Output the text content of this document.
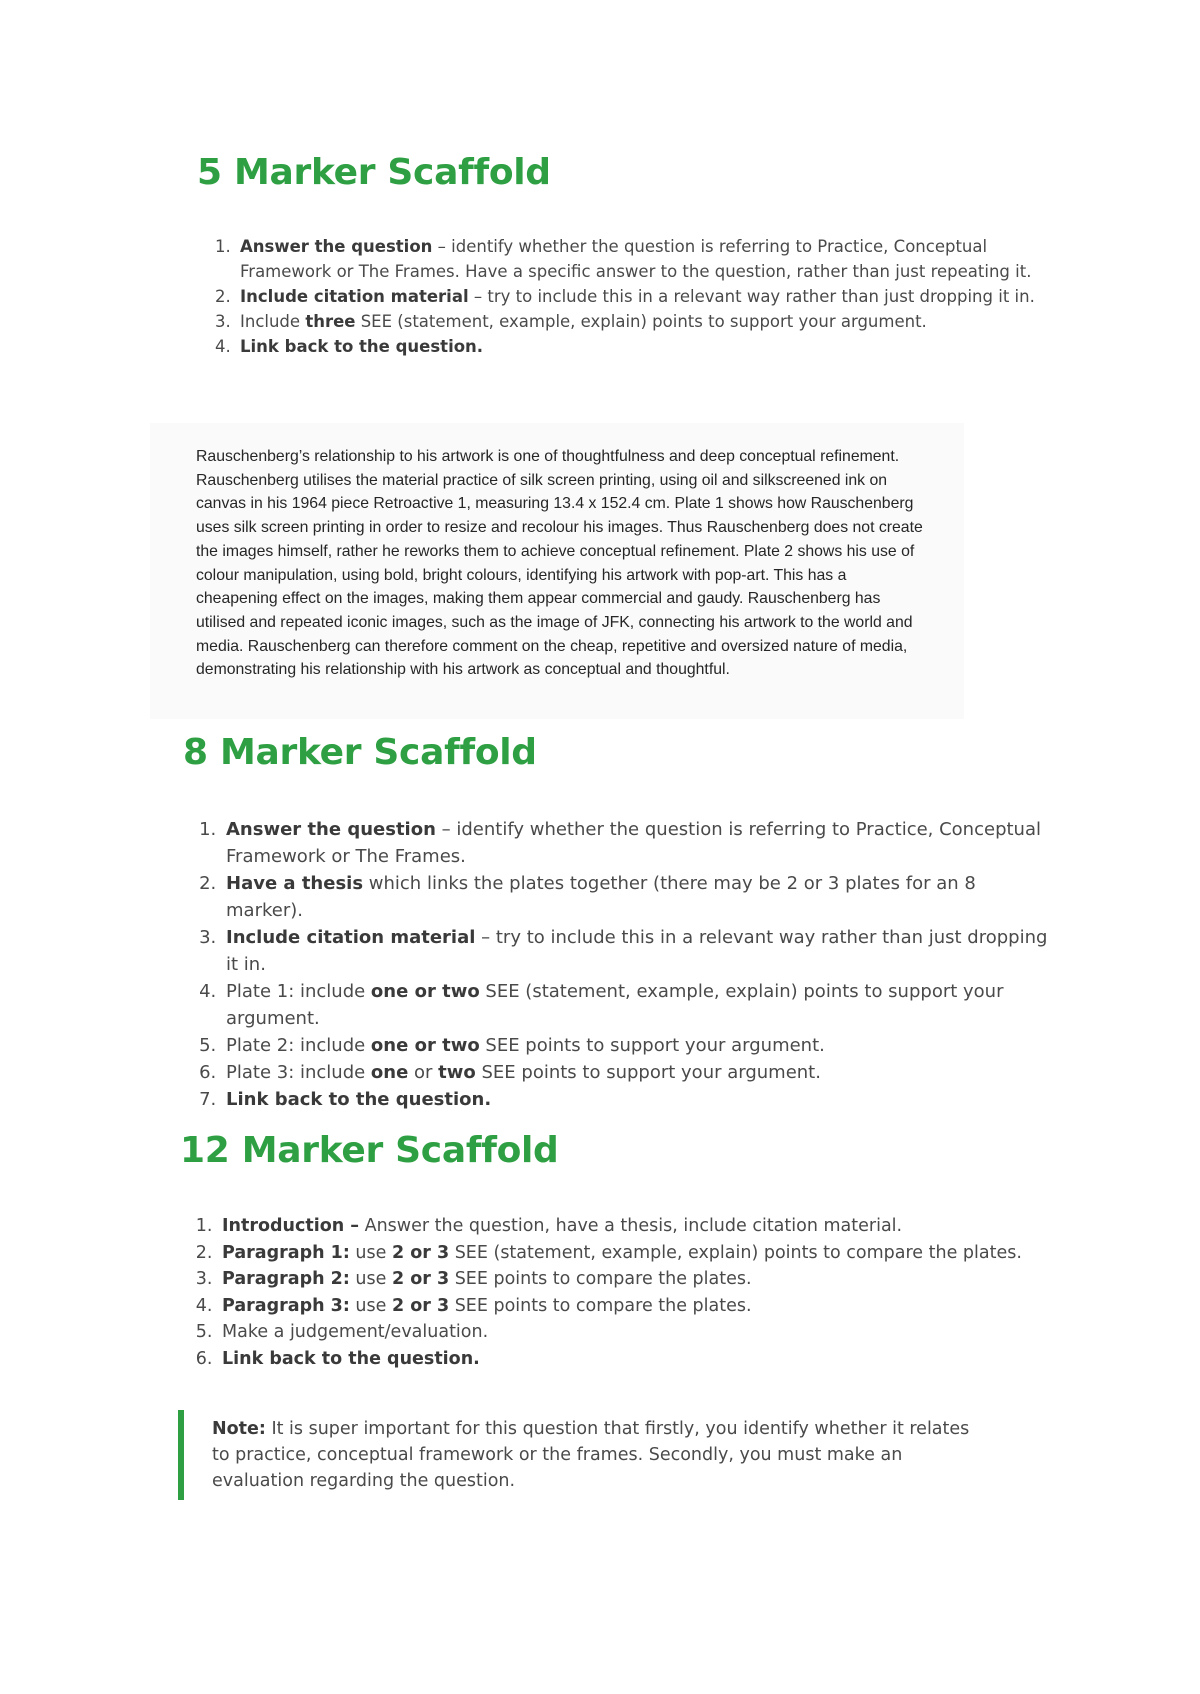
5 Marker Scaffold
1. Answer the question – identify whether the question is referring to Practice, Conceptual Framework or The Frames. Have a specific answer to the question, rather than just repeating it.
2. Include citation material – try to include this in a relevant way rather than just dropping it in.
3. Include three SEE (statement, example, explain) points to support your argument.
4. Link back to the question.
Rauschenberg’s relationship to his artwork is one of thoughtfulness and deep conceptual refinement. Rauschenberg utilises the material practice of silk screen printing, using oil and silkscreened ink on canvas in his 1964 piece Retroactive 1, measuring 13.4 x 152.4 cm. Plate 1 shows how Rauschenberg uses silk screen printing in order to resize and recolour his images. Thus Rauschenberg does not create the images himself, rather he reworks them to achieve conceptual refinement. Plate 2 shows his use of colour manipulation, using bold, bright colours, identifying his artwork with pop-art. This has a cheapening effect on the images, making them appear commercial and gaudy. Rauschenberg has utilised and repeated iconic images, such as the image of JFK, connecting his artwork to the world and media. Rauschenberg can therefore comment on the cheap, repetitive and oversized nature of media, demonstrating his relationship with his artwork as conceptual and thoughtful.
8 Marker Scaffold
1. Answer the question – identify whether the question is referring to Practice, Conceptual Framework or The Frames.
2. Have a thesis which links the plates together (there may be 2 or 3 plates for an 8 marker).
3. Include citation material – try to include this in a relevant way rather than just dropping it in.
4. Plate 1: include one or two SEE (statement, example, explain) points to support your argument.
5. Plate 2: include one or two SEE points to support your argument.
6. Plate 3: include one or two SEE points to support your argument.
7. Link back to the question.
12 Marker Scaffold
1. Introduction – Answer the question, have a thesis, include citation material.
2. Paragraph 1: use 2 or 3 SEE (statement, example, explain) points to compare the plates.
3. Paragraph 2: use 2 or 3 SEE points to compare the plates.
4. Paragraph 3: use 2 or 3 SEE points to compare the plates.
5. Make a judgement/evaluation.
6. Link back to the question.
Note: It is super important for this question that firstly, you identify whether it relates to practice, conceptual framework or the frames. Secondly, you must make an evaluation regarding the question.
